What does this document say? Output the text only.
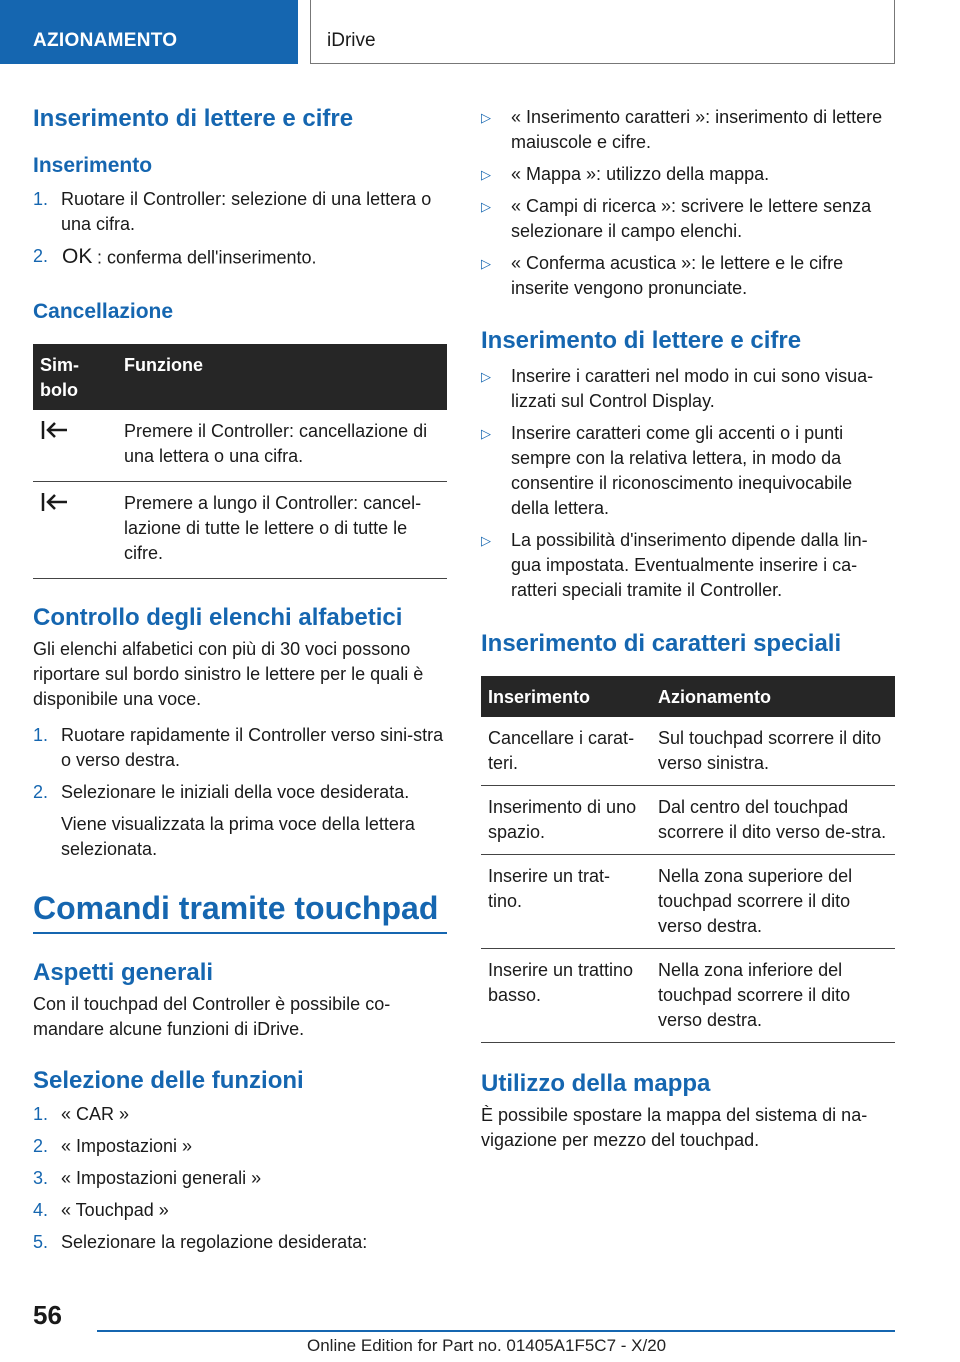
AZIONAMENTO	iDrive
Inserimento di lettere e cifre
Inserimento
1. Ruotare il Controller: selezione di una lettera o una cifra.
2. OK : conferma dell'inserimento.
Cancellazione
Sim-bolo	Funzione
	Premere il Controller: cancellazione di una lettera o una cifra.
	Premere a lungo il Controller: cancel-lazione di tutte le lettere o di tutte le cifre.
Controllo degli elenchi alfabetici

Gli elenchi alfabetici con più di 30 voci possono riportare sul bordo sinistro le lettere per le quali è disponibile una voce.

1. Ruotare rapidamente il Controller verso sini-stra o verso destra.
2. Selezionare le iniziali della voce desiderata.

Viene visualizzata la prima voce della lettera selezionata.

Comandi tramite touchpad
Aspetti generali

Con il touchpad del Controller è possibile co-mandare alcune funzioni di iDrive.

Selezione delle funzioni
1. « CAR »
2. « Impostazioni »
3. « Impostazioni generali »
4. « Touchpad »
5. Selezionare la regolazione desiderata:
▷	« Inserimento caratteri »: inserimento di lettere maiuscole e cifre.
▷	« Mappa »: utilizzo della mappa.
▷	« Campi di ricerca »: scrivere le lettere senza selezionare il campo elenchi.
▷	« Conferma acustica »: le lettere e le cifre inserite vengono pronunciate.
Inserimento di lettere e cifre
▷	Inserire i caratteri nel modo in cui sono visua-lizzati sul Control Display.
▷	Inserire caratteri come gli accenti o i punti sempre con la relativa lettera, in modo da consentire il riconoscimento inequivocabile della lettera.
▷	La possibilità d'inserimento dipende dalla lin-gua impostata. Eventualmente inserire i ca-ratteri speciali tramite il Controller.
Inserimento di caratteri speciali
Inserimento	Azionamento
Cancellare i carat-teri.	Sul touchpad scorrere il dito verso sinistra.
Inserimento di uno spazio.	Dal centro del touchpad scorrere il dito verso de-stra.
Inserire un trat-tino.	Nella zona superiore del touchpad scorrere il dito verso destra.
Inserire un trattino basso.	Nella zona inferiore del touchpad scorrere il dito verso destra.
Utilizzo della mappa

È possibile spostare la mappa del sistema di na-vigazione per mezzo del touchpad.

56
Online Edition for Part no. 01405A1F5C7 - X/20
